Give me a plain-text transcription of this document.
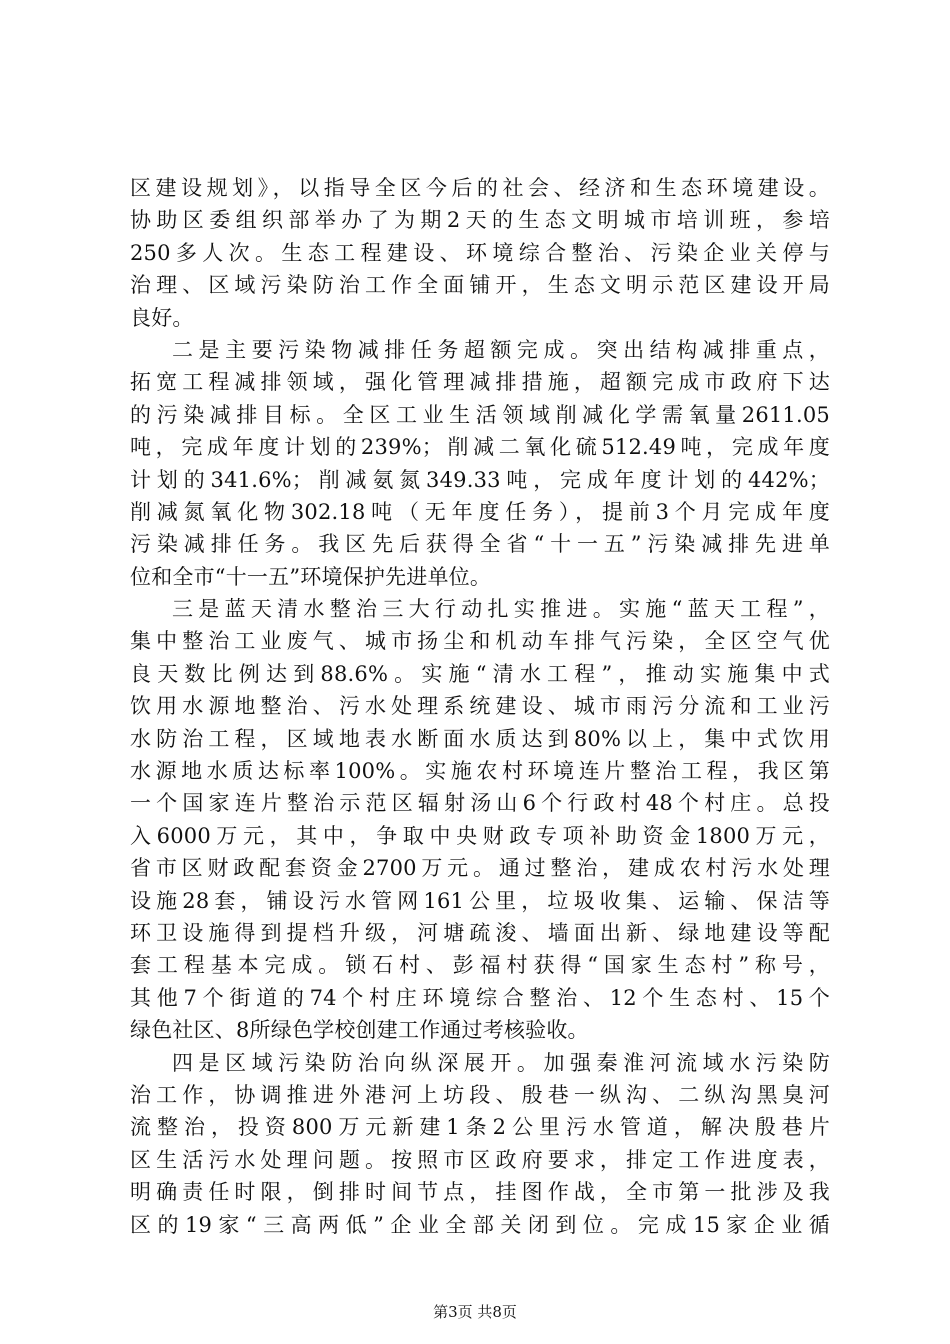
区建设规划》，以指导全区今后的社会、经济和生态环境建设。
协助区委组织部举办了为期2天的生态文明城市培训班，参培
250多人次。生态工程建设、环境综合整治、污染企业关停与
治理、区域污染防治工作全面铺开，生态文明示范区建设开局
良好。
二是主要污染物减排任务超额完成。突出结构减排重点，
拓宽工程减排领域，强化管理减排措施，超额完成市政府下达
的污染减排目标。全区工业生活领域削减化学需氧量2611.05
吨，完成年度计划的239%；削减二氧化硫512.49吨，完成年度
计划的341.6%；削减氨氮349.33吨，完成年度计划的442%；
削减氮氧化物302.18吨（无年度任务），提前3个月完成年度
污染减排任务。我区先后获得全省“十一五”污染减排先进单
位和全市“十一五”环境保护先进单位。
三是蓝天清水整治三大行动扎实推进。实施“蓝天工程”，
集中整治工业废气、城市扬尘和机动车排气污染，全区空气优
良天数比例达到88.6%。实施“清水工程”，推动实施集中式
饮用水源地整治、污水处理系统建设、城市雨污分流和工业污
水防治工程，区域地表水断面水质达到80%以上，集中式饮用
水源地水质达标率100%。实施农村环境连片整治工程，我区第
一个国家连片整治示范区辐射汤山6个行政村48个村庄。总投
入6000万元，其中，争取中央财政专项补助资金1800万元，
省市区财政配套资金2700万元。通过整治，建成农村污水处理
设施28套，铺设污水管网161公里，垃圾收集、运输、保洁等
环卫设施得到提档升级，河塘疏浚、墙面出新、绿地建设等配
套工程基本完成。锁石村、彭福村获得“国家生态村”称号，
其他7个街道的74个村庄环境综合整治、12个生态村、15个
绿色社区、8所绿色学校创建工作通过考核验收。
四是区域污染防治向纵深展开。加强秦淮河流域水污染防
治工作，协调推进外港河上坊段、殷巷一纵沟、二纵沟黑臭河
流整治，投资800万元新建1条2公里污水管道，解决殷巷片
区生活污水处理问题。按照市区政府要求，排定工作进度表，
明确责任时限，倒排时间节点，挂图作战，全市第一批涉及我
区的19家“三高两低”企业全部关闭到位。完成15家企业循
第3页 共8页
